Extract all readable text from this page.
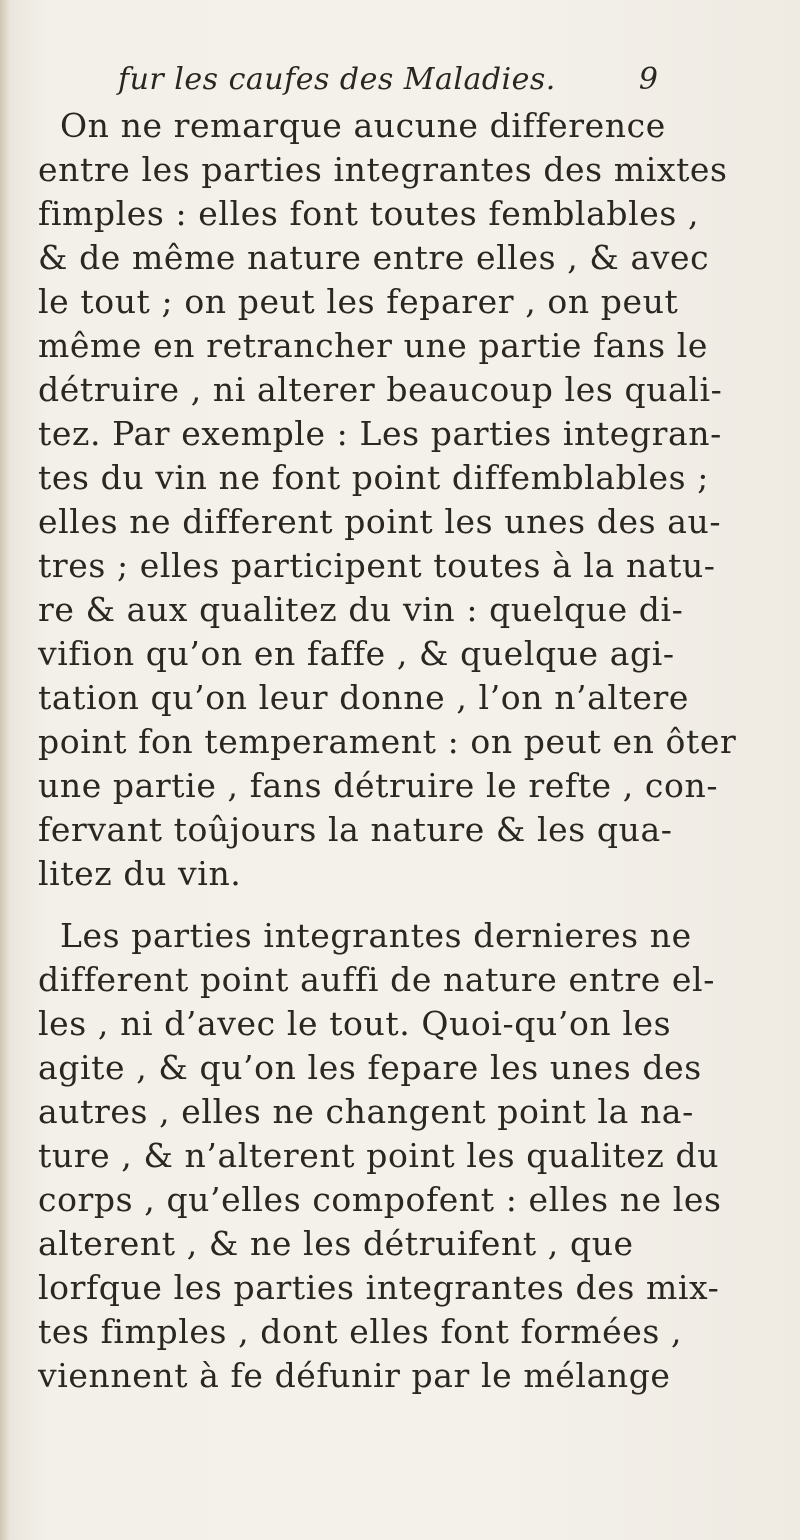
fur les caufes des Maladies.	9
On ne remarque aucune difference
entre les parties integrantes des mixtes
fimples : elles font toutes femblables ,
& de même nature entre elles , & avec
le tout ; on peut les feparer , on peut
même en retrancher une partie fans le
détruire , ni alterer beaucoup les quali-
tez. Par exemple : Les parties integran-
tes du vin ne font point diffemblables ;
elles ne different point les unes des au-
tres ; elles participent toutes à la natu-
re & aux qualitez du vin : quelque di-
vifion qu’on en faffe , & quelque agi-
tation qu’on leur donne , l’on n’altere
point fon temperament : on peut en ôter
une partie , fans détruire le refte , con-
fervant toûjours la nature & les qua-
litez du vin.
Les parties integrantes dernieres ne
different point auffi de nature entre el-
les , ni d’avec le tout. Quoi-qu’on les
agite , & qu’on les fepare les unes des
autres , elles ne changent point la na-
ture , & n’alterent point les qualitez du
corps , qu’elles compofent : elles ne les
alterent , & ne les détruifent , que
lorfque les parties integrantes des mix-
tes fimples , dont elles font formées ,
viennent à fe défunir par le mélange
